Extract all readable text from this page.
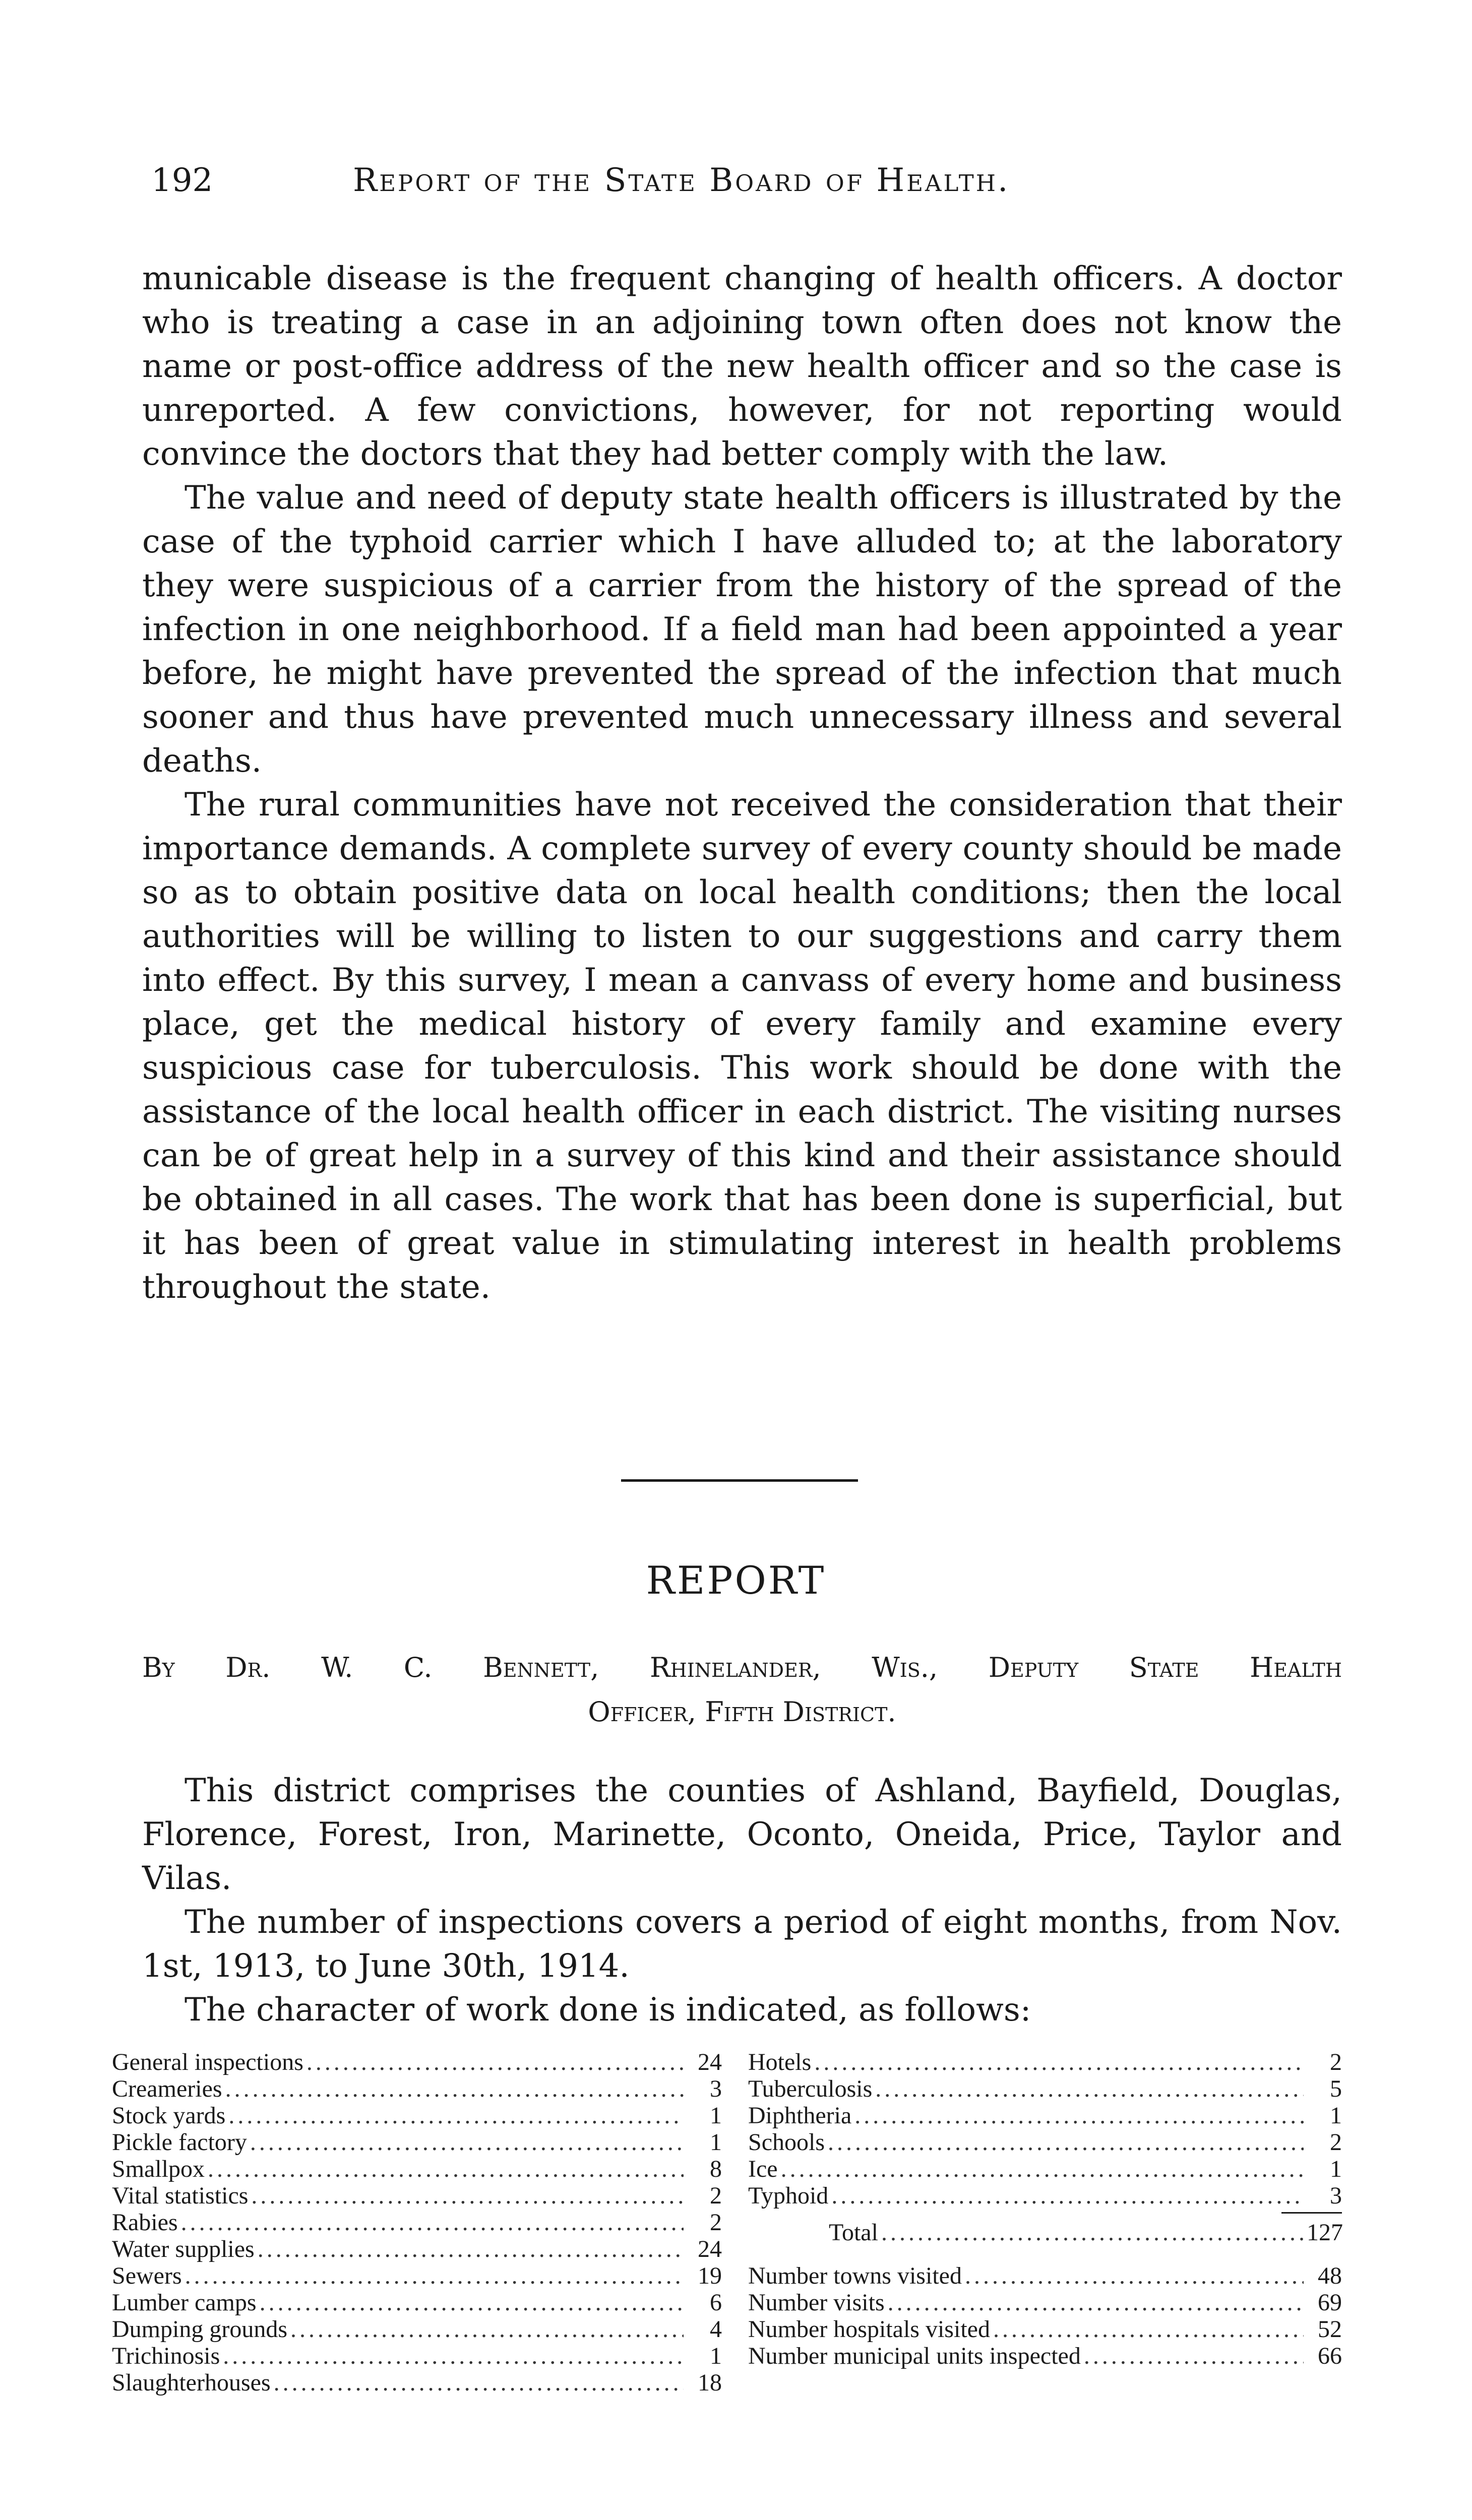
192	Report of the State Board of Health.

municable disease is the frequent changing of health officers. A doctor who is treating a case in an adjoining town often does not know the name or post-office address of the new health officer and so the case is unreported. A few convictions, however, for not reporting would convince the doctors that they had better comply with the law.

The value and need of deputy state health officers is illustrated by the case of the typhoid carrier which I have alluded to; at the laboratory they were suspicious of a carrier from the history of the spread of the infection in one neighborhood. If a field man had been appointed a year before, he might have prevented the spread of the infection that much sooner and thus have prevented much unnecessary illness and several deaths.

The rural communities have not received the consideration that their importance demands. A complete survey of every county should be made so as to obtain positive data on local health conditions; then the local authorities will be willing to listen to our suggestions and carry them into effect. By this survey, I mean a canvass of every home and business place, get the medical history of every family and examine every suspicious case for tuberculosis. This work should be done with the assistance of the local health officer in each district. The visiting nurses can be of great help in a survey of this kind and their assistance should be obtained in all cases. The work that has been done is superficial, but it has been of great value in stimulating interest in health problems throughout the state.

REPORT
By Dr. W. C. Bennett, Rhinelander, Wis., Deputy State Health
Officer, Fifth District.

This district comprises the counties of Ashland, Bayfield, Douglas, Florence, Forest, Iron, Marinette, Oconto, Oneida, Price, Taylor and Vilas.

The number of inspections covers a period of eight months, from Nov. 1st, 1913, to June 30th, 1914.

The character of work done is indicated, as follows:

General inspections .....	24
Creameries .....	3
Stock yards .....	1
Pickle factory .....	1
Smallpox .....	8
Vital statistics .....	2
Rabies .....	2
Water supplies .....	24
Sewers .....	19
Lumber camps .....	6
Dumping grounds .....	4
Trichinosis .....	1
Slaughterhouses .....	18
Hotels .....	2
Tuberculosis .....	5
Diphtheria .....	1
Schools .....	2
Ice .....	1
Typhoid .....	3
Total .....	127
Number towns visited .....	48
Number visits .....	69
Number hospitals visited .....	52
Number municipal units inspected .....	66
